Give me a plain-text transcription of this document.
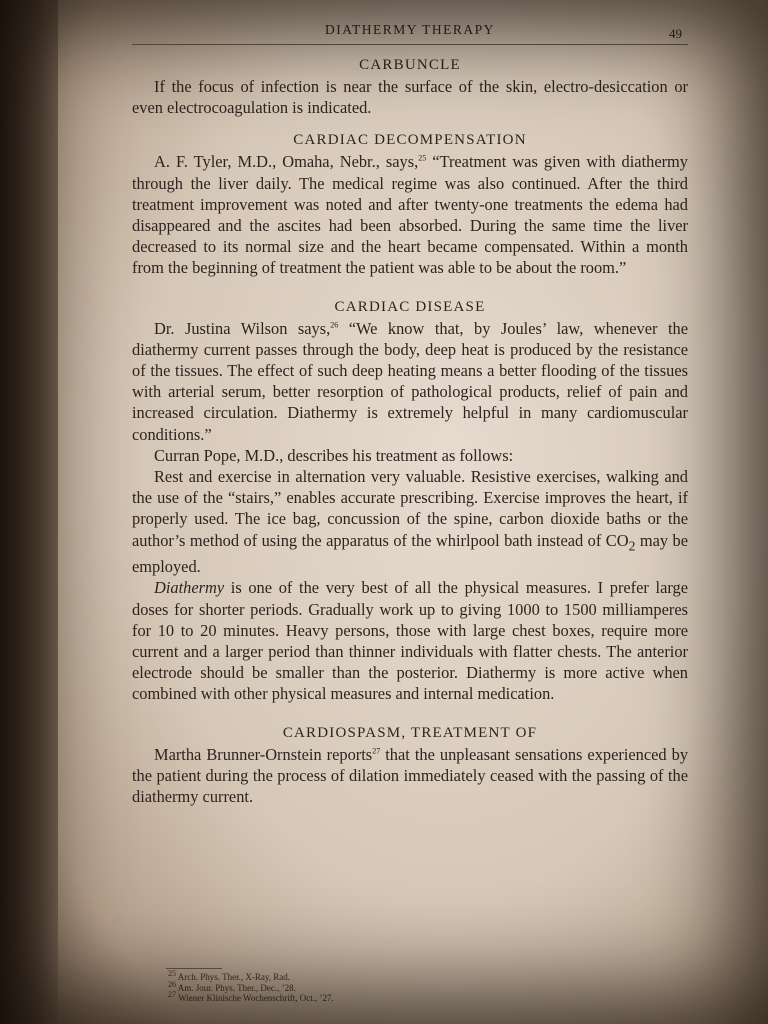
DIATHERMY THERAPY	49
CARBUNCLE

If the focus of infection is near the surface of the skin, electro-desiccation or even electrocoagulation is indicated.

CARDIAC DECOMPENSATION

A. F. Tyler, M.D., Omaha, Nebr., says,$^{25}$ “Treatment was given with diathermy through the liver daily. The medical regime was also continued. After the third treatment improvement was noted and after twenty-one treatments the edema had disappeared and the ascites had been absorbed. During the same time the liver decreased to its normal size and the heart became compensated. Within a month from the beginning of treatment the patient was able to be about the room.”

CARDIAC DISEASE

Dr. Justina Wilson says,$^{26}$ “We know that, by Joules’ law, whenever the diathermy current passes through the body, deep heat is produced by the resistance of the tissues. The effect of such deep heating means a better flooding of the tissues with arterial serum, better resorption of pathological products, relief of pain and increased circulation. Diathermy is extremely helpful in many cardiomuscular conditions.”

Curran Pope, M.D., describes his treatment as follows:

Rest and exercise in alternation very valuable. Resistive exercises, walking and the use of the “stairs,” enables accurate prescribing. Exercise improves the heart, if properly used. The ice bag, concussion of the spine, carbon dioxide baths or the author’s method of using the apparatus of the whirlpool bath instead of $CO_2$ may be employed.

Diathermy is one of the very best of all the physical measures. I prefer large doses for shorter periods. Gradually work up to giving 1000 to 1500 milliamperes for 10 to 20 minutes. Heavy persons, those with large chest boxes, require more current and a larger period than thinner individuals with flatter chests. The anterior electrode should be smaller than the posterior. Diathermy is more active when combined with other physical measures and internal medication.

CARDIOSPASM, TREATMENT OF

Martha Brunner-Ornstein reports$^{27}$ that the unpleasant sensations experienced by the patient during the process of dilation immediately ceased with the passing of the diathermy current.

$^{25}$ Arch. Phys. Ther., X-Ray, Rad.
$^{26}$ Am. Jour. Phys. Ther., Dec., ’28.
$^{27}$ Wiener Klinische Wochenschrift, Oct., ’27.
